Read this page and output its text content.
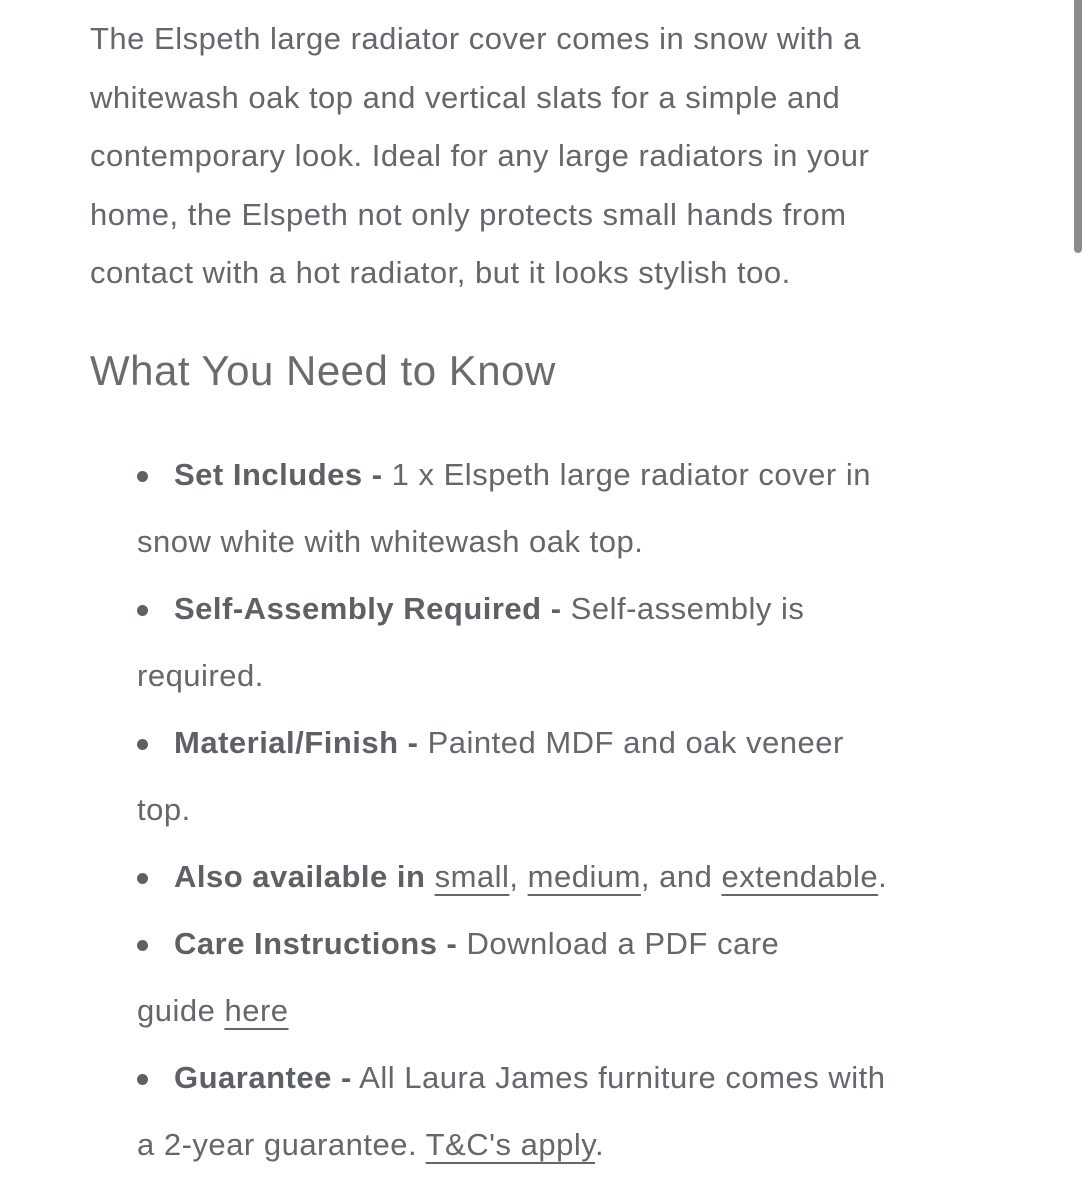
The Elspeth large radiator cover comes in snow with a
whitewash oak top and vertical slats for a simple and
contemporary look. Ideal for any large radiators in your
home, the Elspeth not only protects small hands from
contact with a hot radiator, but it looks stylish too.
What You Need to Know
Set Includes - 1 x Elspeth large radiator cover in
snow white with whitewash oak top.
Self-Assembly Required - Self-assembly is
required.
Material/Finish - Painted MDF and oak veneer
top.
Also available in small, medium, and extendable.
Care Instructions - Download a PDF care
guide here
Guarantee - All Laura James furniture comes with
a 2-year guarantee. T&C's apply.
